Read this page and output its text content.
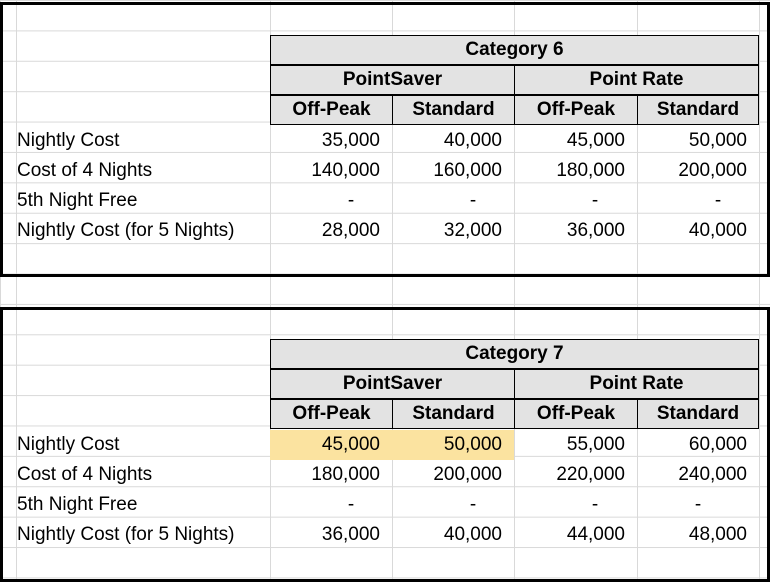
Category 6
PointSaver	Point Rate
Off-Peak	Standard	Off-Peak	Standard
Nightly Cost	35,000	40,000	45,000	50,000
Cost of 4 Nights	140,000	160,000	180,000	200,000
5th Night Free	-	-	-	-
Nightly Cost (for 5 Nights)	28,000	32,000	36,000	40,000
Category 7
PointSaver	Point Rate
Off-Peak	Standard	Off-Peak	Standard
Nightly Cost	45,000	50,000	55,000	60,000
Cost of 4 Nights	180,000	200,000	220,000	240,000
5th Night Free	-	-	-	-
Nightly Cost (for 5 Nights)	36,000	40,000	44,000	48,000
